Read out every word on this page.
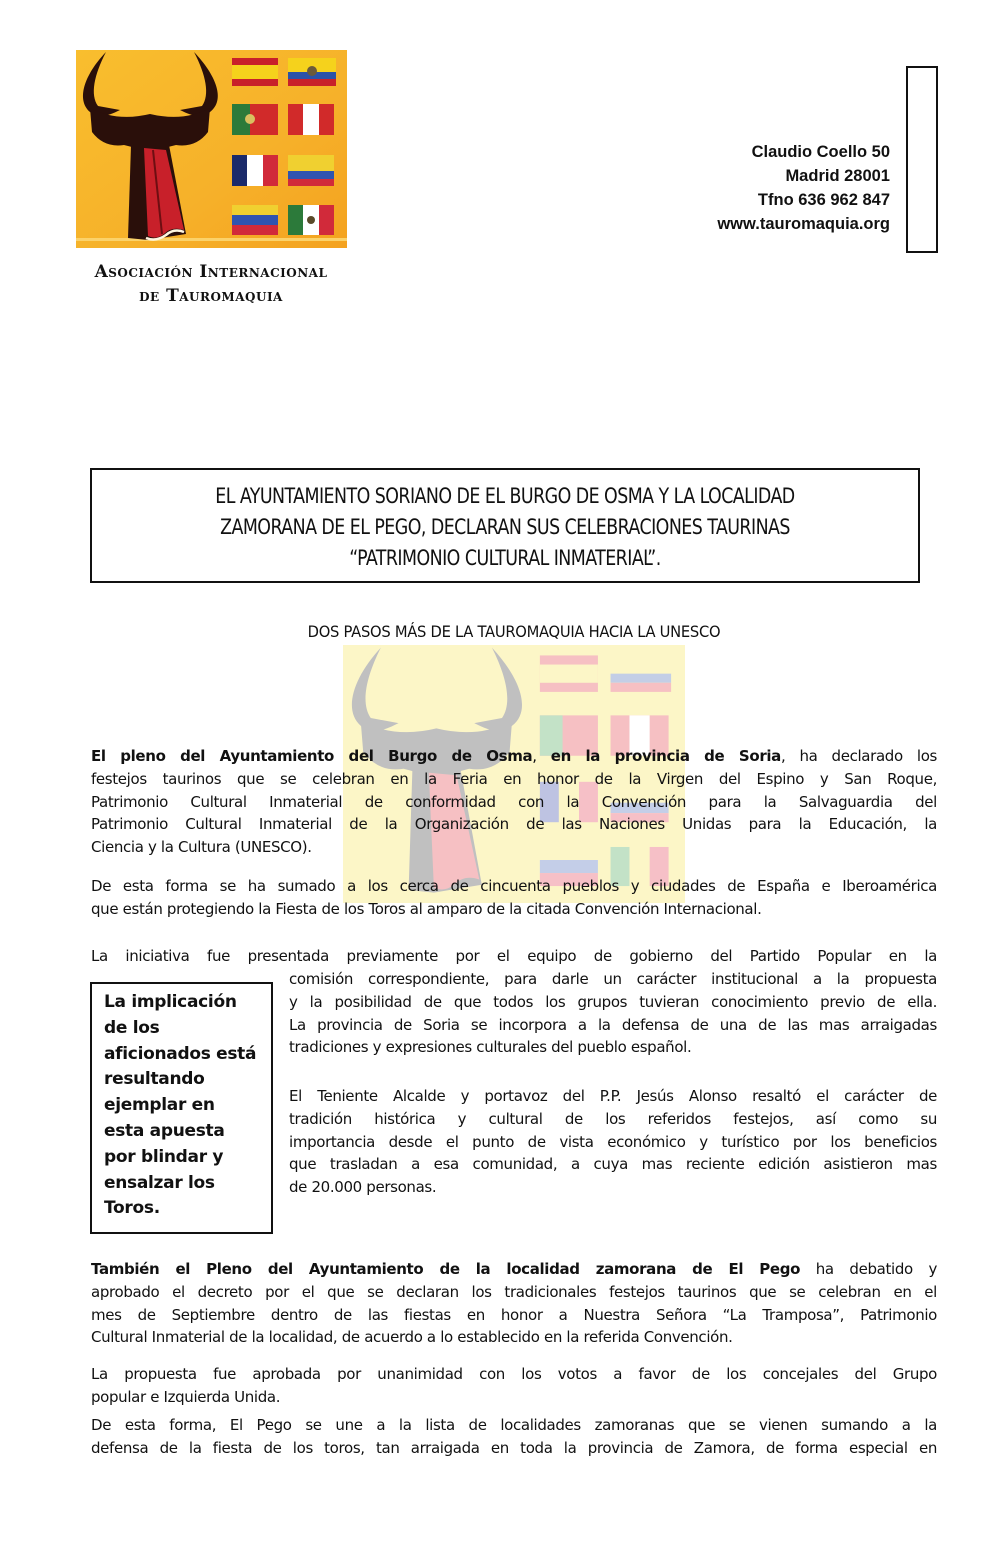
Asociación Internacional
de Tauromaquia
Claudio Coello 50
Madrid 28001
Tfno 636 962 847
www.tauromaquia.org
EL AYUNTAMIENTO SORIANO DE EL BURGO DE OSMA Y LA LOCALIDAD
ZAMORANA DE EL PEGO, DECLARAN SUS CELEBRACIONES TAURINAS
“PATRIMONIO CULTURAL INMATERIAL”.
DOS PASOS MÁS DE LA TAUROMAQUIA HACIA LA UNESCO
El pleno del Ayuntamiento del Burgo de Osma, en la provincia de Soria, ha declarado los
festejos taurinos que se celebran en la Feria en honor de la Virgen del Espino y San Roque,
Patrimonio Cultural Inmaterial de conformidad con la Convención para la Salvaguardia del
Patrimonio Cultural Inmaterial de la Organización de las Naciones Unidas para la Educación, la
Ciencia y la Cultura (UNESCO).
De esta forma se ha sumado a los cerca de cincuenta pueblos y ciudades de España e Iberoamérica
que están protegiendo la Fiesta de los Toros al amparo de la citada Convención Internacional.
La iniciativa fue presentada previamente por el equipo de gobierno del Partido Popular en la
comisión correspondiente, para darle un carácter institucional a la propuesta
y la posibilidad de que todos los grupos tuvieran conocimiento previo de ella.
La provincia de Soria se incorpora a la defensa de una de las mas arraigadas
tradiciones y expresiones culturales del pueblo español.
La implicación
de los
aficionados está
resultando
ejemplar en
esta apuesta
por blindar y
ensalzar los
Toros.
El Teniente Alcalde y portavoz del P.P. Jesús Alonso resaltó el carácter de
tradición histórica y cultural de los referidos festejos, así como su
importancia desde el punto de vista económico y turístico por los beneficios
que trasladan a esa comunidad, a cuya mas reciente edición asistieron mas
de 20.000 personas.
También el Pleno del Ayuntamiento de la localidad zamorana de El Pego ha debatido y
aprobado el decreto por el que se declaran los tradicionales festejos taurinos que se celebran en el
mes de Septiembre dentro de las fiestas en honor a Nuestra Señora “La Tramposa”, Patrimonio
Cultural Inmaterial de la localidad, de acuerdo a lo establecido en la referida Convención.
La propuesta fue aprobada por unanimidad con los votos a favor de los concejales del Grupo
popular e Izquierda Unida.
De esta forma, El Pego se une a la lista de localidades zamoranas que se vienen sumando a la
defensa de la fiesta de los toros, tan arraigada en toda la provincia de Zamora, de forma especial en
